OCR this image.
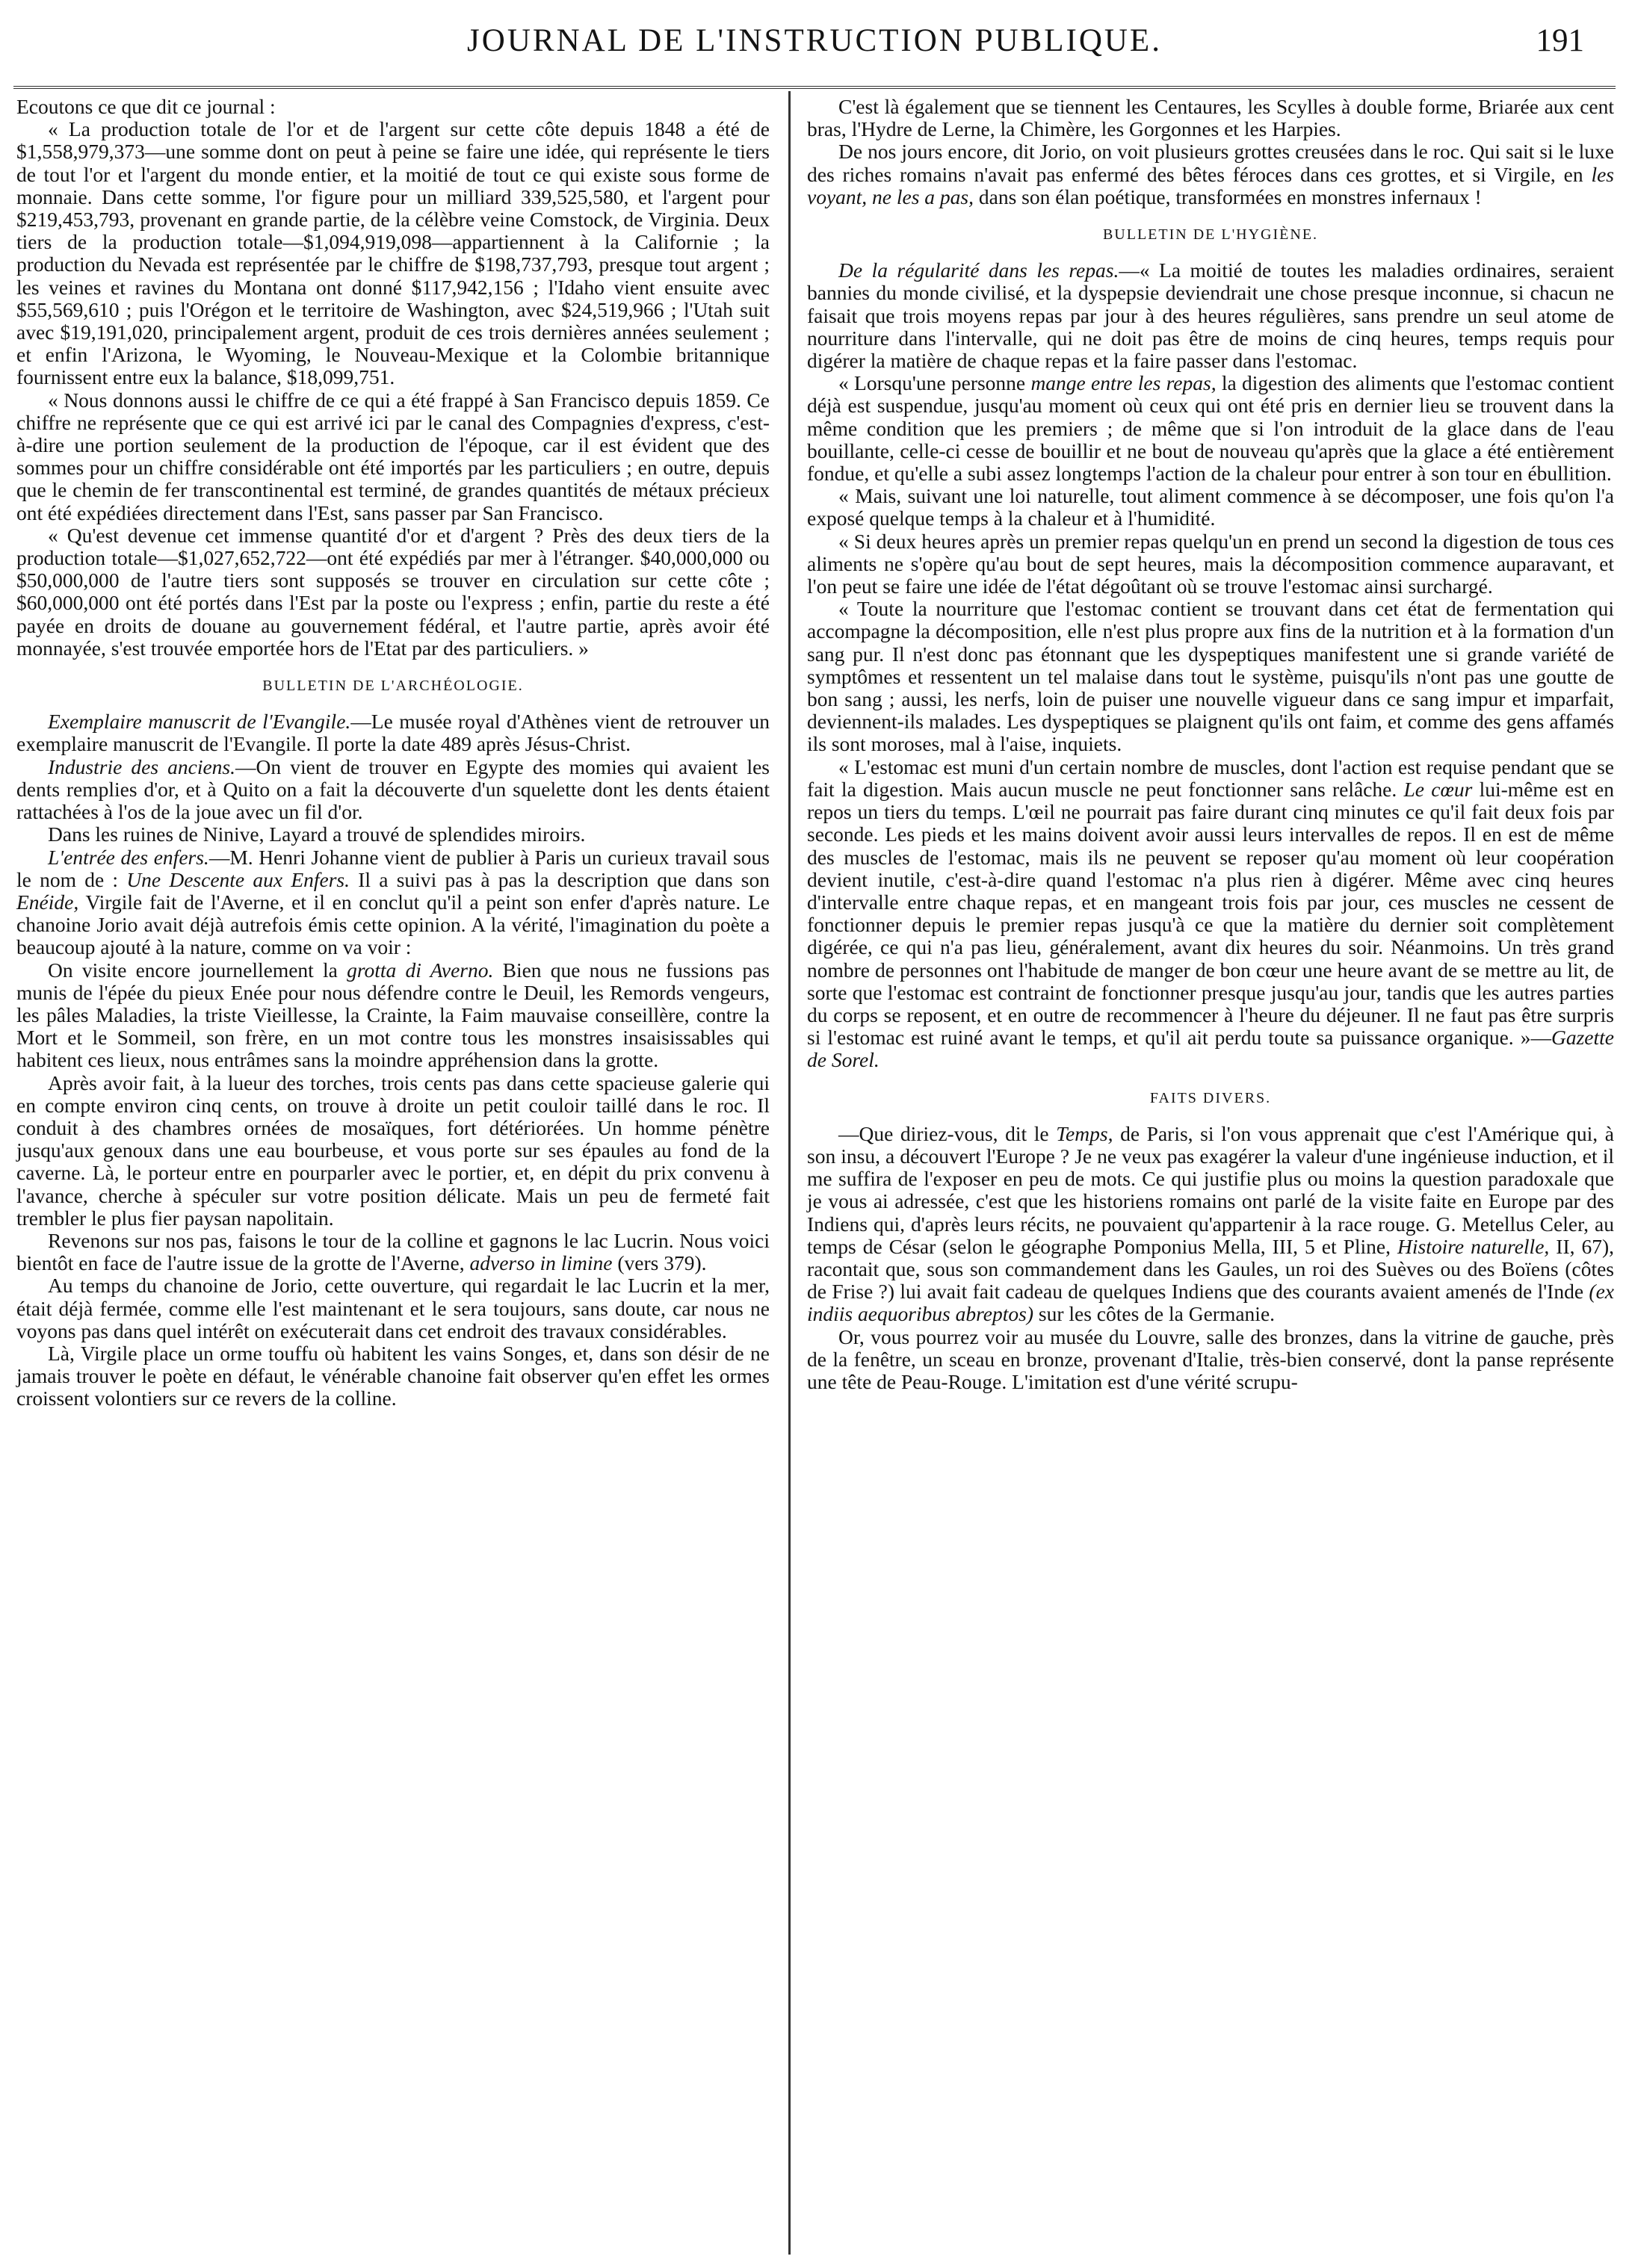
JOURNAL DE L'INSTRUCTION PUBLIQUE.	191

Ecoutons ce que dit ce journal :

« La production totale de l'or et de l'argent sur cette côte depuis 1848 a été de $1,558,979,373—une somme dont on peut à peine se faire une idée, qui représente le tiers de tout l'or et l'argent du monde entier, et la moitié de tout ce qui existe sous forme de monnaie. Dans cette somme, l'or figure pour un milliard 339,525,580, et l'argent pour $219,453,793, provenant en grande partie, de la célèbre veine Comstock, de Virginia. Deux tiers de la production totale—$1,094,919,098—appartiennent à la Californie ; la production du Nevada est représentée par le chiffre de $198,737,793, presque tout argent ; les veines et ravines du Montana ont donné $117,942,156 ; l'Idaho vient ensuite avec $55,569,610 ; puis l'Orégon et le territoire de Washington, avec $24,519,966 ; l'Utah suit avec $19,191,020, principalement argent, produit de ces trois dernières années seulement ; et enfin l'Arizona, le Wyoming, le Nouveau-Mexique et la Colombie britannique fournissent entre eux la balance, $18,099,751.

« Nous donnons aussi le chiffre de ce qui a été frappé à San Francisco depuis 1859. Ce chiffre ne représente que ce qui est arrivé ici par le canal des Compagnies d'express, c'est-à-dire une portion seulement de la production de l'époque, car il est évident que des sommes pour un chiffre considérable ont été importés par les particuliers ; en outre, depuis que le chemin de fer transcontinental est terminé, de grandes quantités de métaux précieux ont été expédiées directement dans l'Est, sans passer par San Francisco.

« Qu'est devenue cet immense quantité d'or et d'argent ? Près des deux tiers de la production totale—$1,027,652,722—ont été expédiés par mer à l'étranger. $40,000,000 ou $50,000,000 de l'autre tiers sont supposés se trouver en circulation sur cette côte ; $60,000,000 ont été portés dans l'Est par la poste ou l'express ; enfin, partie du reste a été payée en droits de douane au gouvernement fédéral, et l'autre partie, après avoir été monnayée, s'est trouvée emportée hors de l'Etat par des particuliers. »

BULLETIN DE L'ARCHÉOLOGIE.

Exemplaire manuscrit de l'Evangile.—Le musée royal d'Athènes vient de retrouver un exemplaire manuscrit de l'Evangile. Il porte la date 489 après Jésus-Christ.

Industrie des anciens.—On vient de trouver en Egypte des momies qui avaient les dents remplies d'or, et à Quito on a fait la découverte d'un squelette dont les dents étaient rattachées à l'os de la joue avec un fil d'or.

Dans les ruines de Ninive, Layard a trouvé de splendides miroirs.

L'entrée des enfers.—M. Henri Johanne vient de publier à Paris un curieux travail sous le nom de : Une Descente aux Enfers. Il a suivi pas à pas la description que dans son Enéide, Virgile fait de l'Averne, et il en conclut qu'il a peint son enfer d'après nature. Le chanoine Jorio avait déjà autrefois émis cette opinion. A la vérité, l'imagination du poète a beaucoup ajouté à la nature, comme on va voir :

On visite encore journellement la grotta di Averno. Bien que nous ne fussions pas munis de l'épée du pieux Enée pour nous défendre contre le Deuil, les Remords vengeurs, les pâles Maladies, la triste Vieillesse, la Crainte, la Faim mauvaise conseillère, contre la Mort et le Sommeil, son frère, en un mot contre tous les monstres insaisissables qui habitent ces lieux, nous entrâmes sans la moindre appréhension dans la grotte.

Après avoir fait, à la lueur des torches, trois cents pas dans cette spacieuse galerie qui en compte environ cinq cents, on trouve à droite un petit couloir taillé dans le roc. Il conduit à des chambres ornées de mosaïques, fort détériorées. Un homme pénètre jusqu'aux genoux dans une eau bourbeuse, et vous porte sur ses épaules au fond de la caverne. Là, le porteur entre en pourparler avec le portier, et, en dépit du prix convenu à l'avance, cherche à spéculer sur votre position délicate. Mais un peu de fermeté fait trembler le plus fier paysan napolitain.

Revenons sur nos pas, faisons le tour de la colline et gagnons le lac Lucrin. Nous voici bientôt en face de l'autre issue de la grotte de l'Averne, adverso in limine (vers 379).

Au temps du chanoine de Jorio, cette ouverture, qui regardait le lac Lucrin et la mer, était déjà fermée, comme elle l'est maintenant et le sera toujours, sans doute, car nous ne voyons pas dans quel intérêt on exécuterait dans cet endroit des travaux considérables.

Là, Virgile place un orme touffu où habitent les vains Songes, et, dans son désir de ne jamais trouver le poète en défaut, le vénérable chanoine fait observer qu'en effet les ormes croissent volontiers sur ce revers de la colline.

C'est là également que se tiennent les Centaures, les Scylles à double forme, Briarée aux cent bras, l'Hydre de Lerne, la Chimère, les Gorgonnes et les Harpies.

De nos jours encore, dit Jorio, on voit plusieurs grottes creusées dans le roc. Qui sait si le luxe des riches romains n'avait pas enfermé des bêtes féroces dans ces grottes, et si Virgile, en les voyant, ne les a pas, dans son élan poétique, transformées en monstres infernaux !

BULLETIN DE L'HYGIÈNE.

De la régularité dans les repas.—« La moitié de toutes les maladies ordinaires, seraient bannies du monde civilisé, et la dyspepsie deviendrait une chose presque inconnue, si chacun ne faisait que trois moyens repas par jour à des heures régulières, sans prendre un seul atome de nourriture dans l'intervalle, qui ne doit pas être de moins de cinq heures, temps requis pour digérer la matière de chaque repas et la faire passer dans l'estomac.

« Lorsqu'une personne mange entre les repas, la digestion des aliments que l'estomac contient déjà est suspendue, jusqu'au moment où ceux qui ont été pris en dernier lieu se trouvent dans la même condition que les premiers ; de même que si l'on introduit de la glace dans de l'eau bouillante, celle-ci cesse de bouillir et ne bout de nouveau qu'après que la glace a été entièrement fondue, et qu'elle a subi assez longtemps l'action de la chaleur pour entrer à son tour en ébullition.

« Mais, suivant une loi naturelle, tout aliment commence à se décomposer, une fois qu'on l'a exposé quelque temps à la chaleur et à l'humidité.

« Si deux heures après un premier repas quelqu'un en prend un second la digestion de tous ces aliments ne s'opère qu'au bout de sept heures, mais la décomposition commence auparavant, et l'on peut se faire une idée de l'état dégoûtant où se trouve l'estomac ainsi surchargé.

« Toute la nourriture que l'estomac contient se trouvant dans cet état de fermentation qui accompagne la décomposition, elle n'est plus propre aux fins de la nutrition et à la formation d'un sang pur. Il n'est donc pas étonnant que les dyspeptiques manifestent une si grande variété de symptômes et ressentent un tel malaise dans tout le système, puisqu'ils n'ont pas une goutte de bon sang ; aussi, les nerfs, loin de puiser une nouvelle vigueur dans ce sang impur et imparfait, deviennent-ils malades. Les dyspeptiques se plaignent qu'ils ont faim, et comme des gens affamés ils sont moroses, mal à l'aise, inquiets.

« L'estomac est muni d'un certain nombre de muscles, dont l'action est requise pendant que se fait la digestion. Mais aucun muscle ne peut fonctionner sans relâche. Le cœur lui-même est en repos un tiers du temps. L'œil ne pourrait pas faire durant cinq minutes ce qu'il fait deux fois par seconde. Les pieds et les mains doivent avoir aussi leurs intervalles de repos. Il en est de même des muscles de l'estomac, mais ils ne peuvent se reposer qu'au moment où leur coopération devient inutile, c'est-à-dire quand l'estomac n'a plus rien à digérer. Même avec cinq heures d'intervalle entre chaque repas, et en mangeant trois fois par jour, ces muscles ne cessent de fonctionner depuis le premier repas jusqu'à ce que la matière du dernier soit complètement digérée, ce qui n'a pas lieu, généralement, avant dix heures du soir. Néanmoins. Un très grand nombre de personnes ont l'habitude de manger de bon cœur une heure avant de se mettre au lit, de sorte que l'estomac est contraint de fonctionner presque jusqu'au jour, tandis que les autres parties du corps se reposent, et en outre de recommencer à l'heure du déjeuner. Il ne faut pas être surpris si l'estomac est ruiné avant le temps, et qu'il ait perdu toute sa puissance organique. »—Gazette de Sorel.

FAITS DIVERS.

—Que diriez-vous, dit le Temps, de Paris, si l'on vous apprenait que c'est l'Amérique qui, à son insu, a découvert l'Europe ? Je ne veux pas exagérer la valeur d'une ingénieuse induction, et il me suffira de l'exposer en peu de mots. Ce qui justifie plus ou moins la question paradoxale que je vous ai adressée, c'est que les historiens romains ont parlé de la visite faite en Europe par des Indiens qui, d'après leurs récits, ne pouvaient qu'appartenir à la race rouge. G. Metellus Celer, au temps de César (selon le géographe Pomponius Mella, III, 5 et Pline, Histoire naturelle, II, 67), racontait que, sous son commandement dans les Gaules, un roi des Suèves ou des Boïens (côtes de Frise ?) lui avait fait cadeau de quelques Indiens que des courants avaient amenés de l'Inde (ex indiis aequoribus abreptos) sur les côtes de la Germanie.

Or, vous pourrez voir au musée du Louvre, salle des bronzes, dans la vitrine de gauche, près de la fenêtre, un sceau en bronze, provenant d'Italie, très-bien conservé, dont la panse représente une tête de Peau-Rouge. L'imitation est d'une vérité scrupu-
